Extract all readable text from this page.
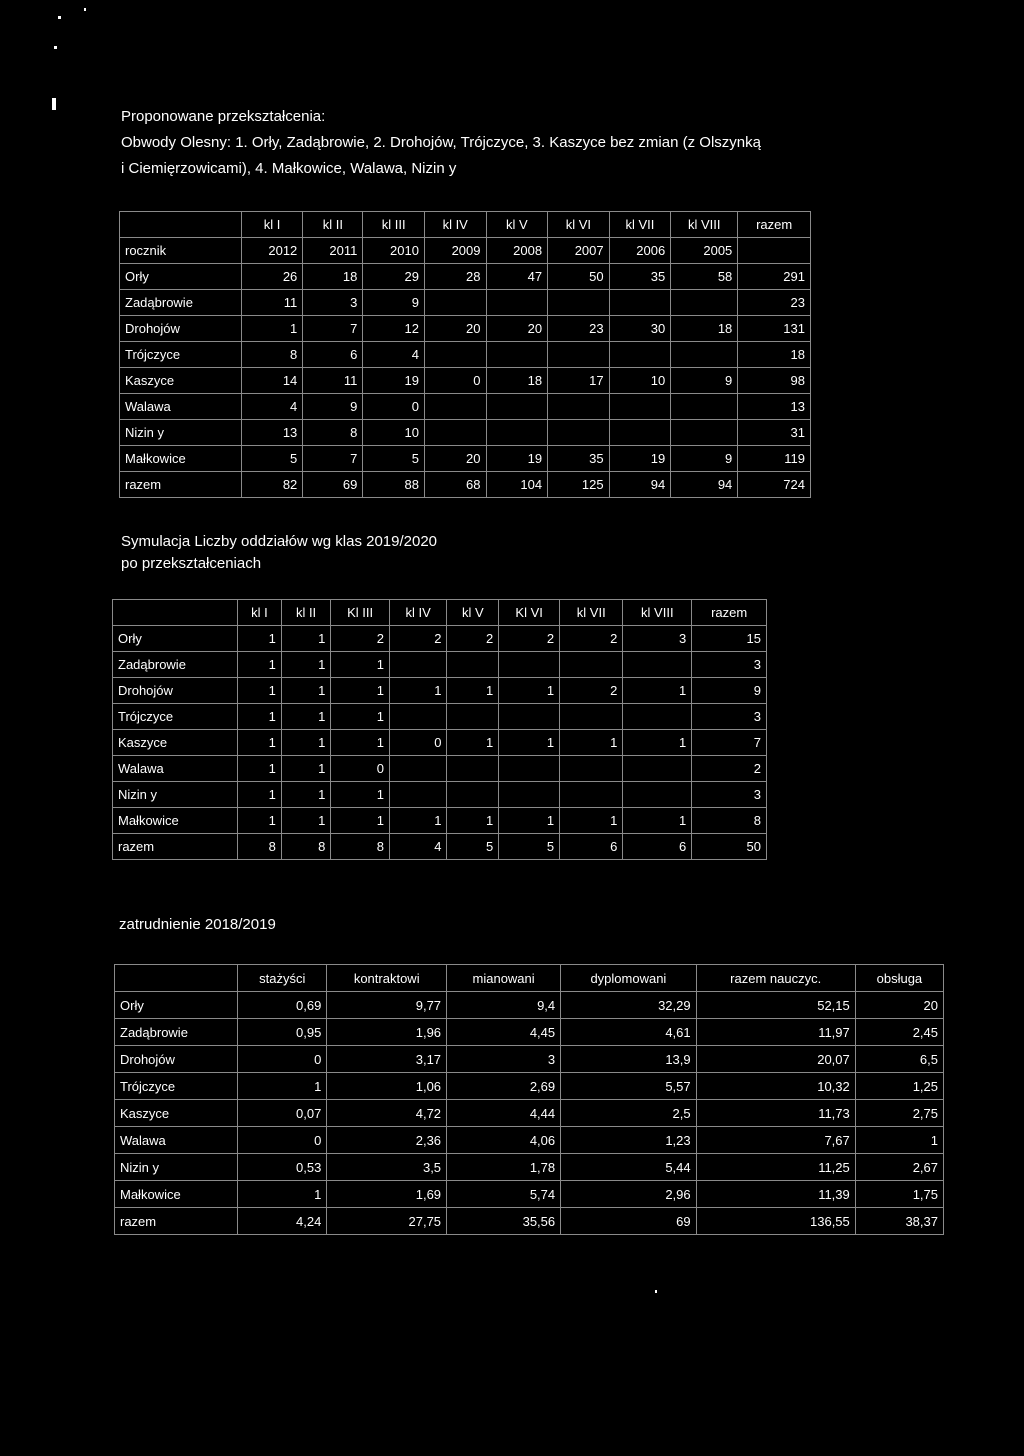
Proponowane przekształcenia:

Obwody Olesny: 1. Orły, Zadąbrowie, 2. Drohojów, Trójczyce, 3. Kaszyce bez zmian (z Olszynką

i Ciemięrzowicami), 4. Małkowice, Walawa, Nizin y

	kl I	kl II	kl III	kl IV	kl V	kl VI	kl VII	kl VIII	razem
rocznik	2012	2011	2010	2009	2008	2007	2006	2005	
Orły	26	18	29	28	47	50	35	58	291
Zadąbrowie	11	3	9						23
Drohojów	1	7	12	20	20	23	30	18	131
Trójczyce	8	6	4						18
Kaszyce	14	11	19	0	18	17	10	9	98
Walawa	4	9	0						13
Nizin y	13	8	10						31
Małkowice	5	7	5	20	19	35	19	9	119
razem	82	69	88	68	104	125	94	94	724
Symulacja Liczby oddziałów wg klas 2019/2020
po przekształceniach
	kl I	kl II	Kl III	kl IV	kl V	Kl VI	kl VII	kl VIII	razem
Orły	1	1	2	2	2	2	2	3	15
Zadąbrowie	1	1	1						3
Drohojów	1	1	1	1	1	1	2	1	9
Trójczyce	1	1	1						3
Kaszyce	1	1	1	0	1	1	1	1	7
Walawa	1	1	0						2
Nizin y	1	1	1						3
Małkowice	1	1	1	1	1	1	1	1	8
razem	8	8	8	4	5	5	6	6	50
zatrudnienie 2018/2019
	stażyści	kontraktowi	mianowani	dyplomowani	razem nauczyc.	obsługa
Orły	0,69	9,77	9,4	32,29	52,15	20
Zadąbrowie	0,95	1,96	4,45	4,61	11,97	2,45
Drohojów	0	3,17	3	13,9	20,07	6,5
Trójczyce	1	1,06	2,69	5,57	10,32	1,25
Kaszyce	0,07	4,72	4,44	2,5	11,73	2,75
Walawa	0	2,36	4,06	1,23	7,67	1
Nizin y	0,53	3,5	1,78	5,44	11,25	2,67
Małkowice	1	1,69	5,74	2,96	11,39	1,75
razem	4,24	27,75	35,56	69	136,55	38,37
